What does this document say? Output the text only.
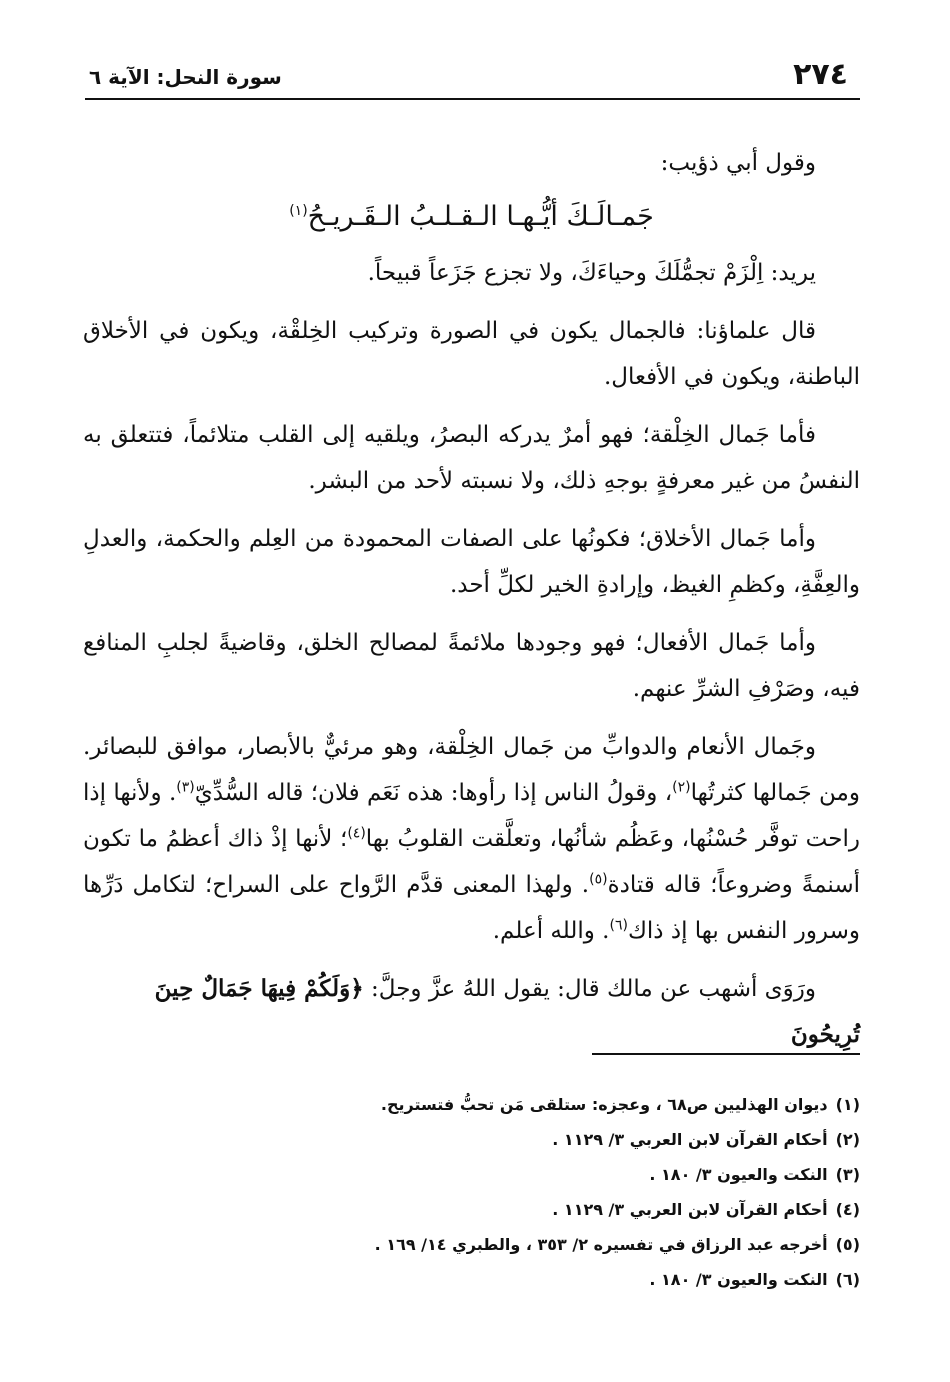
٢٧٤
سورة النحل: الآية ٦

وقول أبي ذؤيب:

جَمـالَـكَ أيُّـهـا الـقـلـبُ الـقَـريـحُ$^{(١)}$

يريد: اِلْزَمْ تجمُّلَكَ وحياءَكَ، ولا تجزع جَزَعاً قبيحاً.

قال علماؤنا: فالجمال يكون في الصورة وتركيب الخِلقْة، ويكون في الأخلاق الباطنة، ويكون في الأفعال.

فأما جَمال الخِلْقة؛ فهو أمرٌ يدركه البصرُ، ويلقيه إلى القلب متلائماً، فتتعلق به النفسُ من غير معرفةٍ بوجهِ ذلك، ولا نسبته لأحد من البشر.

وأما جَمال الأخلاق؛ فكونُها على الصفات المحمودة من العِلم والحكمة، والعدلِ والعِفَّةِ، وكظمِ الغيظ، وإرادةِ الخير لكلِّ أحد.

وأما جَمال الأفعال؛ فهو وجودها ملائمةً لمصالح الخلق، وقاضيةً لجلبِ المنافع فيه، وصَرْفِ الشرِّ عنهم.

وجَمال الأنعام والدوابِّ من جَمال الخِلْقة، وهو مرئيٌّ بالأبصار، موافق للبصائر. ومن جَمالها كثرتُها$^{(٢)}$، وقولُ الناس إذا رأوها: هذه نَعَم فلان؛ قاله السُّدِّيّ$^{(٣)}$. ولأنها إذا راحت توفَّر حُسْنُها، وعَظُم شأنُها، وتعلَّقت القلوبُ بها$^{(٤)}$؛ لأنها إذْ ذاك أعظمُ ما تكون أسنمةً وضروعاً؛ قاله قتادة$^{(٥)}$. ولهذا المعنى قدَّم الرَّواح على السراح؛ لتكامل دَرِّها وسرور النفس بها إذ ذاك$^{(٦)}$. والله أعلم.

ورَوَى أشهب عن مالك قال: يقول اللهُ عزَّ وجلَّ: ﴿وَلَكُمْ فِيهَا جَمَالٌ حِينَ تُرِيحُونَ

(١)ديوان الهذليين ص٦٨ ، وعجزه: ستلقى مَن تحبُّ فتستريح.
(٢)أحكام القرآن لابن العربي ٣/ ١١٢٩ .
(٣)النكت والعيون ٣/ ١٨٠ .
(٤)أحكام القرآن لابن العربي ٣/ ١١٢٩ .
(٥)أخرجه عبد الرزاق في تفسيره ٢/ ٣٥٣ ، والطبري ١٤/ ١٦٩ .
(٦)النكت والعيون ٣/ ١٨٠ .
